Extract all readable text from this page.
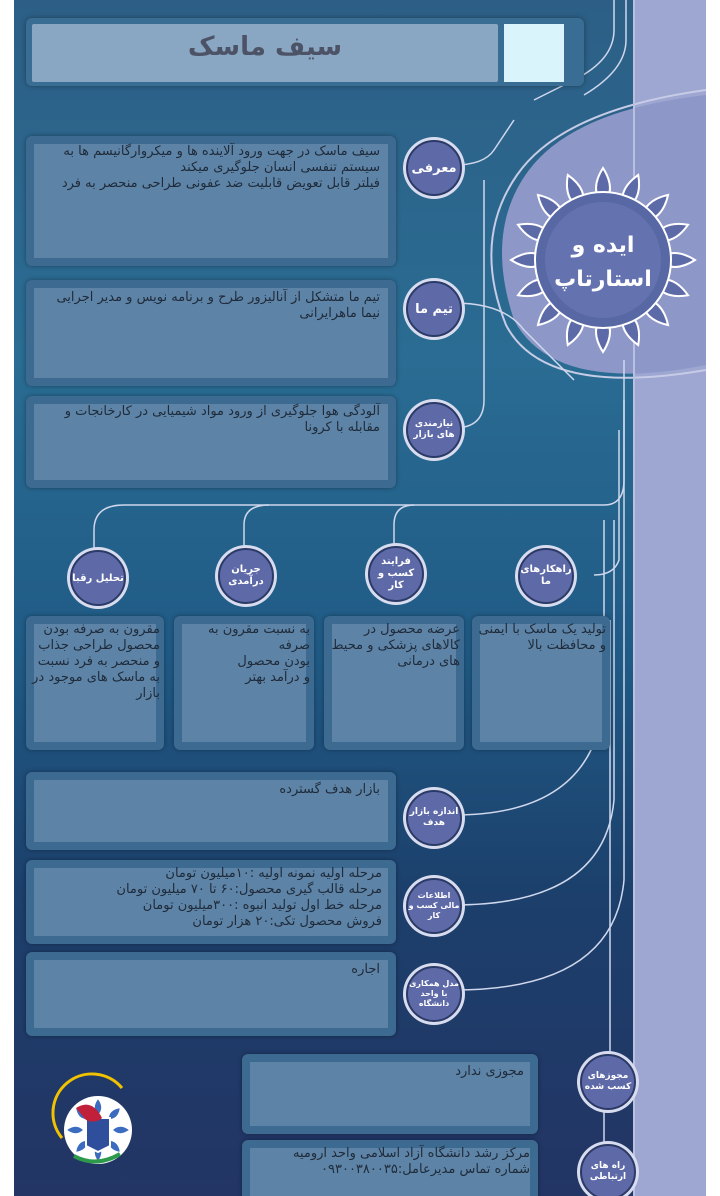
سیف ماسک
ایده و
استارتاپ
سیف ماسک در جهت ورود آلاینده ها و میکروارگانیسم ها به سیستم تنفسی انسان جلوگیری میکند
فیلتر قابل تعویض قابلیت ضد عفونی طراحی منحصر به فرد
معرفی
تیم ما متشکل از آنالیزور طرح و برنامه نویس و مدیر اجرایی نیما ماهرایرانی	تیم ما
آلودگی هوا جلوگیری از ورود مواد شیمیایی در کارخانجات و مقابله با کرونا	نیازمندی های بازار
تحلیل رقبا
جریان درآمدی
فرایند کسب و کار
راهکارهای ما
مقرون به صرفه بودن محصول طراحی جذاب و منحصر به فرد نسبت به ماسک های موجود در بازار
به نسبت مقرون به صرفه
بودن محصول
و درآمد بهتر
عرضه محصول در کالاهای پزشکی و محیط های درمانی
تولید یک ماسک با ایمنی و محافظت بالا
بازار هدف گسترده
اندازه بازار هدف
مرحله اولیه نمونه اولیه :۱۰میلیون تومان
مرحله قالب گیری محصول:۶۰ تا ۷۰ میلیون تومان
مرحله خط اول تولید انبوه :۳۰۰میلیون تومان
فروش محصول تکی:۲۰ هزار تومان
اطلاعات مالی کسب و کار
اجاره
مدل همکاری با واحد دانشگاه
مجوزی ندارد	مجوزهای کسب شده
مرکز رشد دانشگاه آزاد اسلامی واحد ارومیه
شماره تماس مدیرعامل:۰۹۳۰۰۳۸۰۰۳۵	راه های ارتباطی
